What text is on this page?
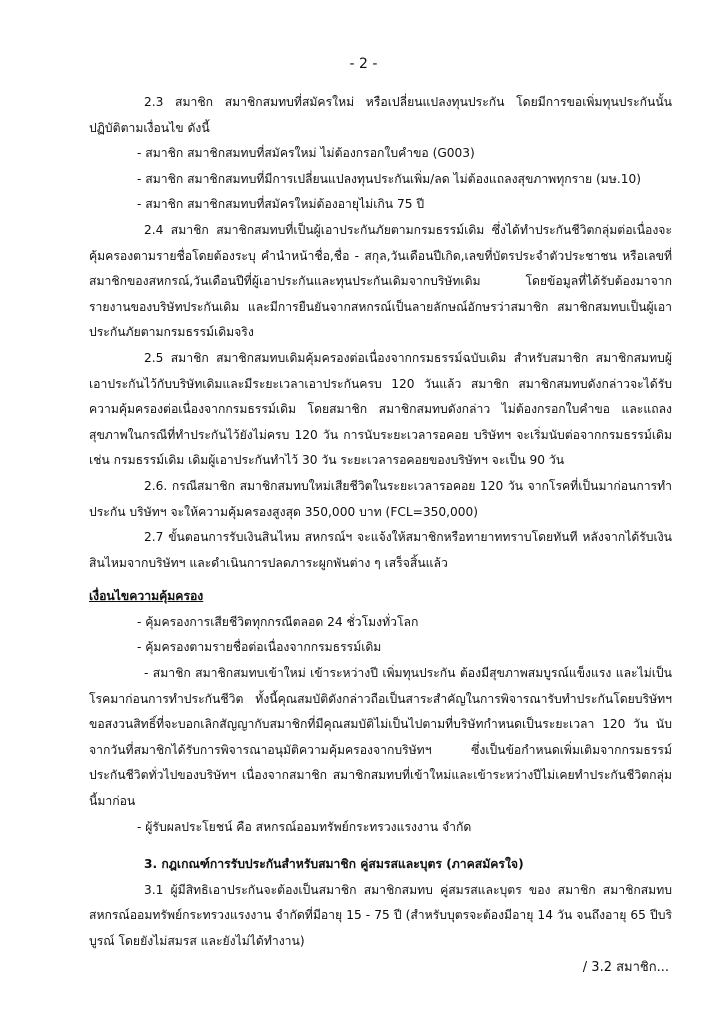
- 2 -

2.3 สมาชิก สมาชิกสมทบที่สมัครใหม่ หรือเปลี่ยนแปลงทุนประกัน โดยมีการขอเพิ่มทุนประกันนั้นปฏิบัติตามเงื่อนไข ดังนี้

- สมาชิก สมาชิกสมทบที่สมัครใหม่ ไม่ต้องกรอกใบคำขอ (G003)

- สมาชิก สมาชิกสมทบที่มีการเปลี่ยนแปลงทุนประกันเพิ่ม/ลด ไม่ต้องแถลงสุขภาพทุกราย (มษ.10)

- สมาชิก สมาชิกสมทบที่สมัครใหม่ต้องอายุไม่เกิน 75 ปี

2.4 สมาชิก สมาชิกสมทบที่เป็นผู้เอาประกันภัยตามกรมธรรม์เดิม ซึ่งได้ทำประกันชีวิตกลุ่มต่อเนื่องจะคุ้มครองตามรายชื่อโดยต้องระบุ คำนำหน้าชื่อ,ชื่อ - สกุล,วันเดือนปีเกิด,เลขที่บัตรประจำตัวประชาชน หรือเลขที่สมาชิกของสหกรณ์,วันเดือนปีที่ผู้เอาประกันและทุนประกันเดิมจากบริษัทเดิม โดยข้อมูลที่ได้รับต้องมาจากรายงานของบริษัทประกันเดิม และมีการยืนยันจากสหกรณ์เป็นลายลักษณ์อักษรว่าสมาชิก สมาชิกสมทบเป็นผู้เอาประกันภัยตามกรมธรรม์เดิมจริง

2.5 สมาชิก สมาชิกสมทบเดิมคุ้มครองต่อเนื่องจากกรมธรรม์ฉบับเดิม สำหรับสมาชิก สมาชิกสมทบผู้เอาประกันไว้กับบริษัทเดิมและมีระยะเวลาเอาประกันครบ 120 วันแล้ว สมาชิก สมาชิกสมทบดังกล่าวจะได้รับความคุ้มครองต่อเนื่องจากกรมธรรม์เดิม โดยสมาชิก สมาชิกสมทบดังกล่าว ไม่ต้องกรอกใบคำขอ และแถลงสุขภาพในกรณีที่ทำประกันไว้ยังไม่ครบ 120 วัน การนับระยะเวลารอคอย บริษัทฯ จะเริ่มนับต่อจากกรมธรรม์เดิม เช่น กรมธรรม์เดิม เดิมผู้เอาประกันทำไว้ 30 วัน ระยะเวลารอคอยของบริษัทฯ จะเป็น 90 วัน

2.6. กรณีสมาชิก สมาชิกสมทบใหม่เสียชีวิตในระยะเวลารอคอย 120 วัน จากโรคที่เป็นมาก่อนการทำประกัน บริษัทฯ จะให้ความคุ้มครองสูงสุด 350,000 บาท (FCL=350,000)

2.7 ขั้นตอนการรับเงินสินไหม สหกรณ์ฯ จะแจ้งให้สมาชิกหรือทายาททราบโดยทันที หลังจากได้รับเงินสินไหมจากบริษัทฯ และดำเนินการปลดภาระผูกพันต่าง ๆ เสร็จสิ้นแล้ว

เงื่อนไขความคุ้มครอง

- คุ้มครองการเสียชีวิตทุกกรณีตลอด 24 ชั่วโมงทั่วโลก

- คุ้มครองตามรายชื่อต่อเนื่องจากกรมธรรม์เดิม

- สมาชิก สมาชิกสมทบเข้าใหม่ เข้าระหว่างปี เพิ่มทุนประกัน ต้องมีสุขภาพสมบูรณ์แข็งแรง และไม่เป็นโรคมาก่อนการทำประกันชีวิต ทั้งนี้คุณสมบัติดังกล่าวถือเป็นสาระสำคัญในการพิจารณารับทำประกันโดยบริษัทฯ ขอสงวนสิทธิ์ที่จะบอกเลิกสัญญากับสมาชิกที่มีคุณสมบัติไม่เป็นไปตามที่บริษัทกำหนดเป็นระยะเวลา 120 วัน นับจากวันที่สมาชิกได้รับการพิจารณาอนุมัติความคุ้มครองจากบริษัทฯ ซึ่งเป็นข้อกำหนดเพิ่มเติมจากกรมธรรม์ประกันชีวิตทั่วไปของบริษัทฯ เนื่องจากสมาชิก สมาชิกสมทบที่เข้าใหม่และเข้าระหว่างปีไม่เคยทำประกันชีวิตกลุ่มนี้มาก่อน

- ผู้รับผลประโยชน์ คือ สหกรณ์ออมทรัพย์กระทรวงแรงงาน จำกัด

3. กฎเกณฑ์การรับประกันสำหรับสมาชิก คู่สมรสและบุตร (ภาคสมัครใจ)

3.1 ผู้มีสิทธิเอาประกันจะต้องเป็นสมาชิก สมาชิกสมทบ คู่สมรสและบุตร ของ สมาชิก สมาชิกสมทบสหกรณ์ออมทรัพย์กระทรวงแรงงาน จำกัดที่มีอายุ 15 - 75 ปี (สำหรับบุตรจะต้องมีอายุ 14 วัน จนถึงอายุ 65 ปีบริบูรณ์ โดยยังไม่สมรส และยังไม่ได้ทำงาน)

/ 3.2 สมาชิก...
